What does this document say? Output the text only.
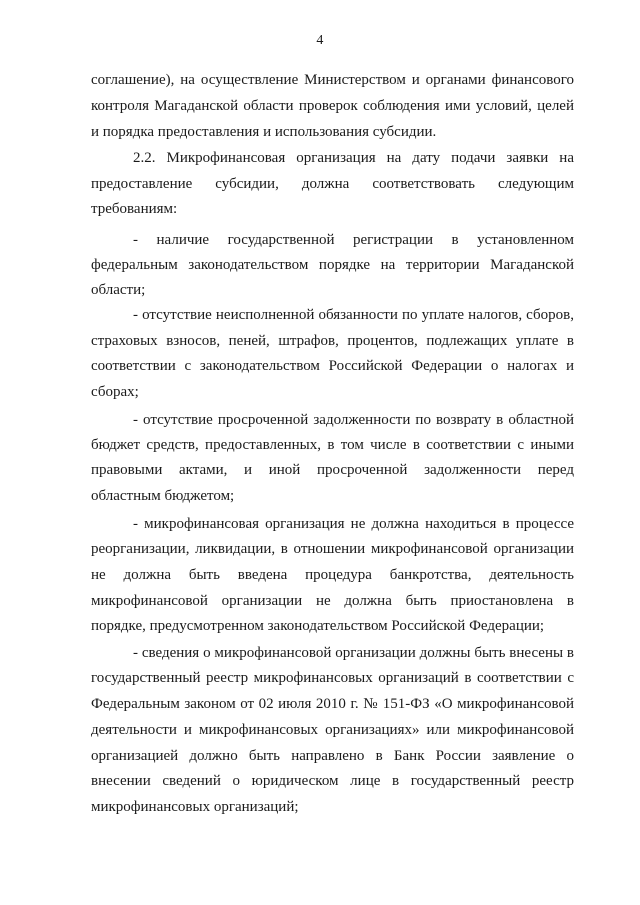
4
соглашение), на осуществление Министерством и органами финансового
контроля Магаданской области проверок соблюдения ими условий, целей
и порядка предоставления и использования субсидии.
2.2. Микрофинансовая организация на дату подачи заявки на
предоставление субсидии, должна соответствовать следующим
требованиям:
- наличие государственной регистрации в установленном
федеральным законодательством порядке на территории Магаданской
области;
- отсутствие неисполненной обязанности по уплате налогов, сборов,
страховых взносов, пеней, штрафов, процентов, подлежащих уплате в
соответствии с законодательством Российской Федерации о налогах и
сборах;
- отсутствие просроченной задолженности по возврату в областной
бюджет средств, предоставленных, в том числе в соответствии с иными
правовыми актами, и иной просроченной задолженности перед
областным бюджетом;
- микрофинансовая организация не должна находиться в процессе
реорганизации, ликвидации, в отношении микрофинансовой организации
не должна быть введена процедура банкротства, деятельность
микрофинансовой организации не должна быть приостановлена в
порядке, предусмотренном законодательством Российской Федерации;
- сведения о микрофинансовой организации должны быть внесены в
государственный реестр микрофинансовых организаций в соответствии с
Федеральным законом от 02 июля 2010 г. № 151-ФЗ «О микрофинансовой
деятельности и микрофинансовых организациях» или микрофинансовой
организацией должно быть направлено в Банк России заявление о
внесении сведений о юридическом лице в государственный реестр
микрофинансовых организаций;
